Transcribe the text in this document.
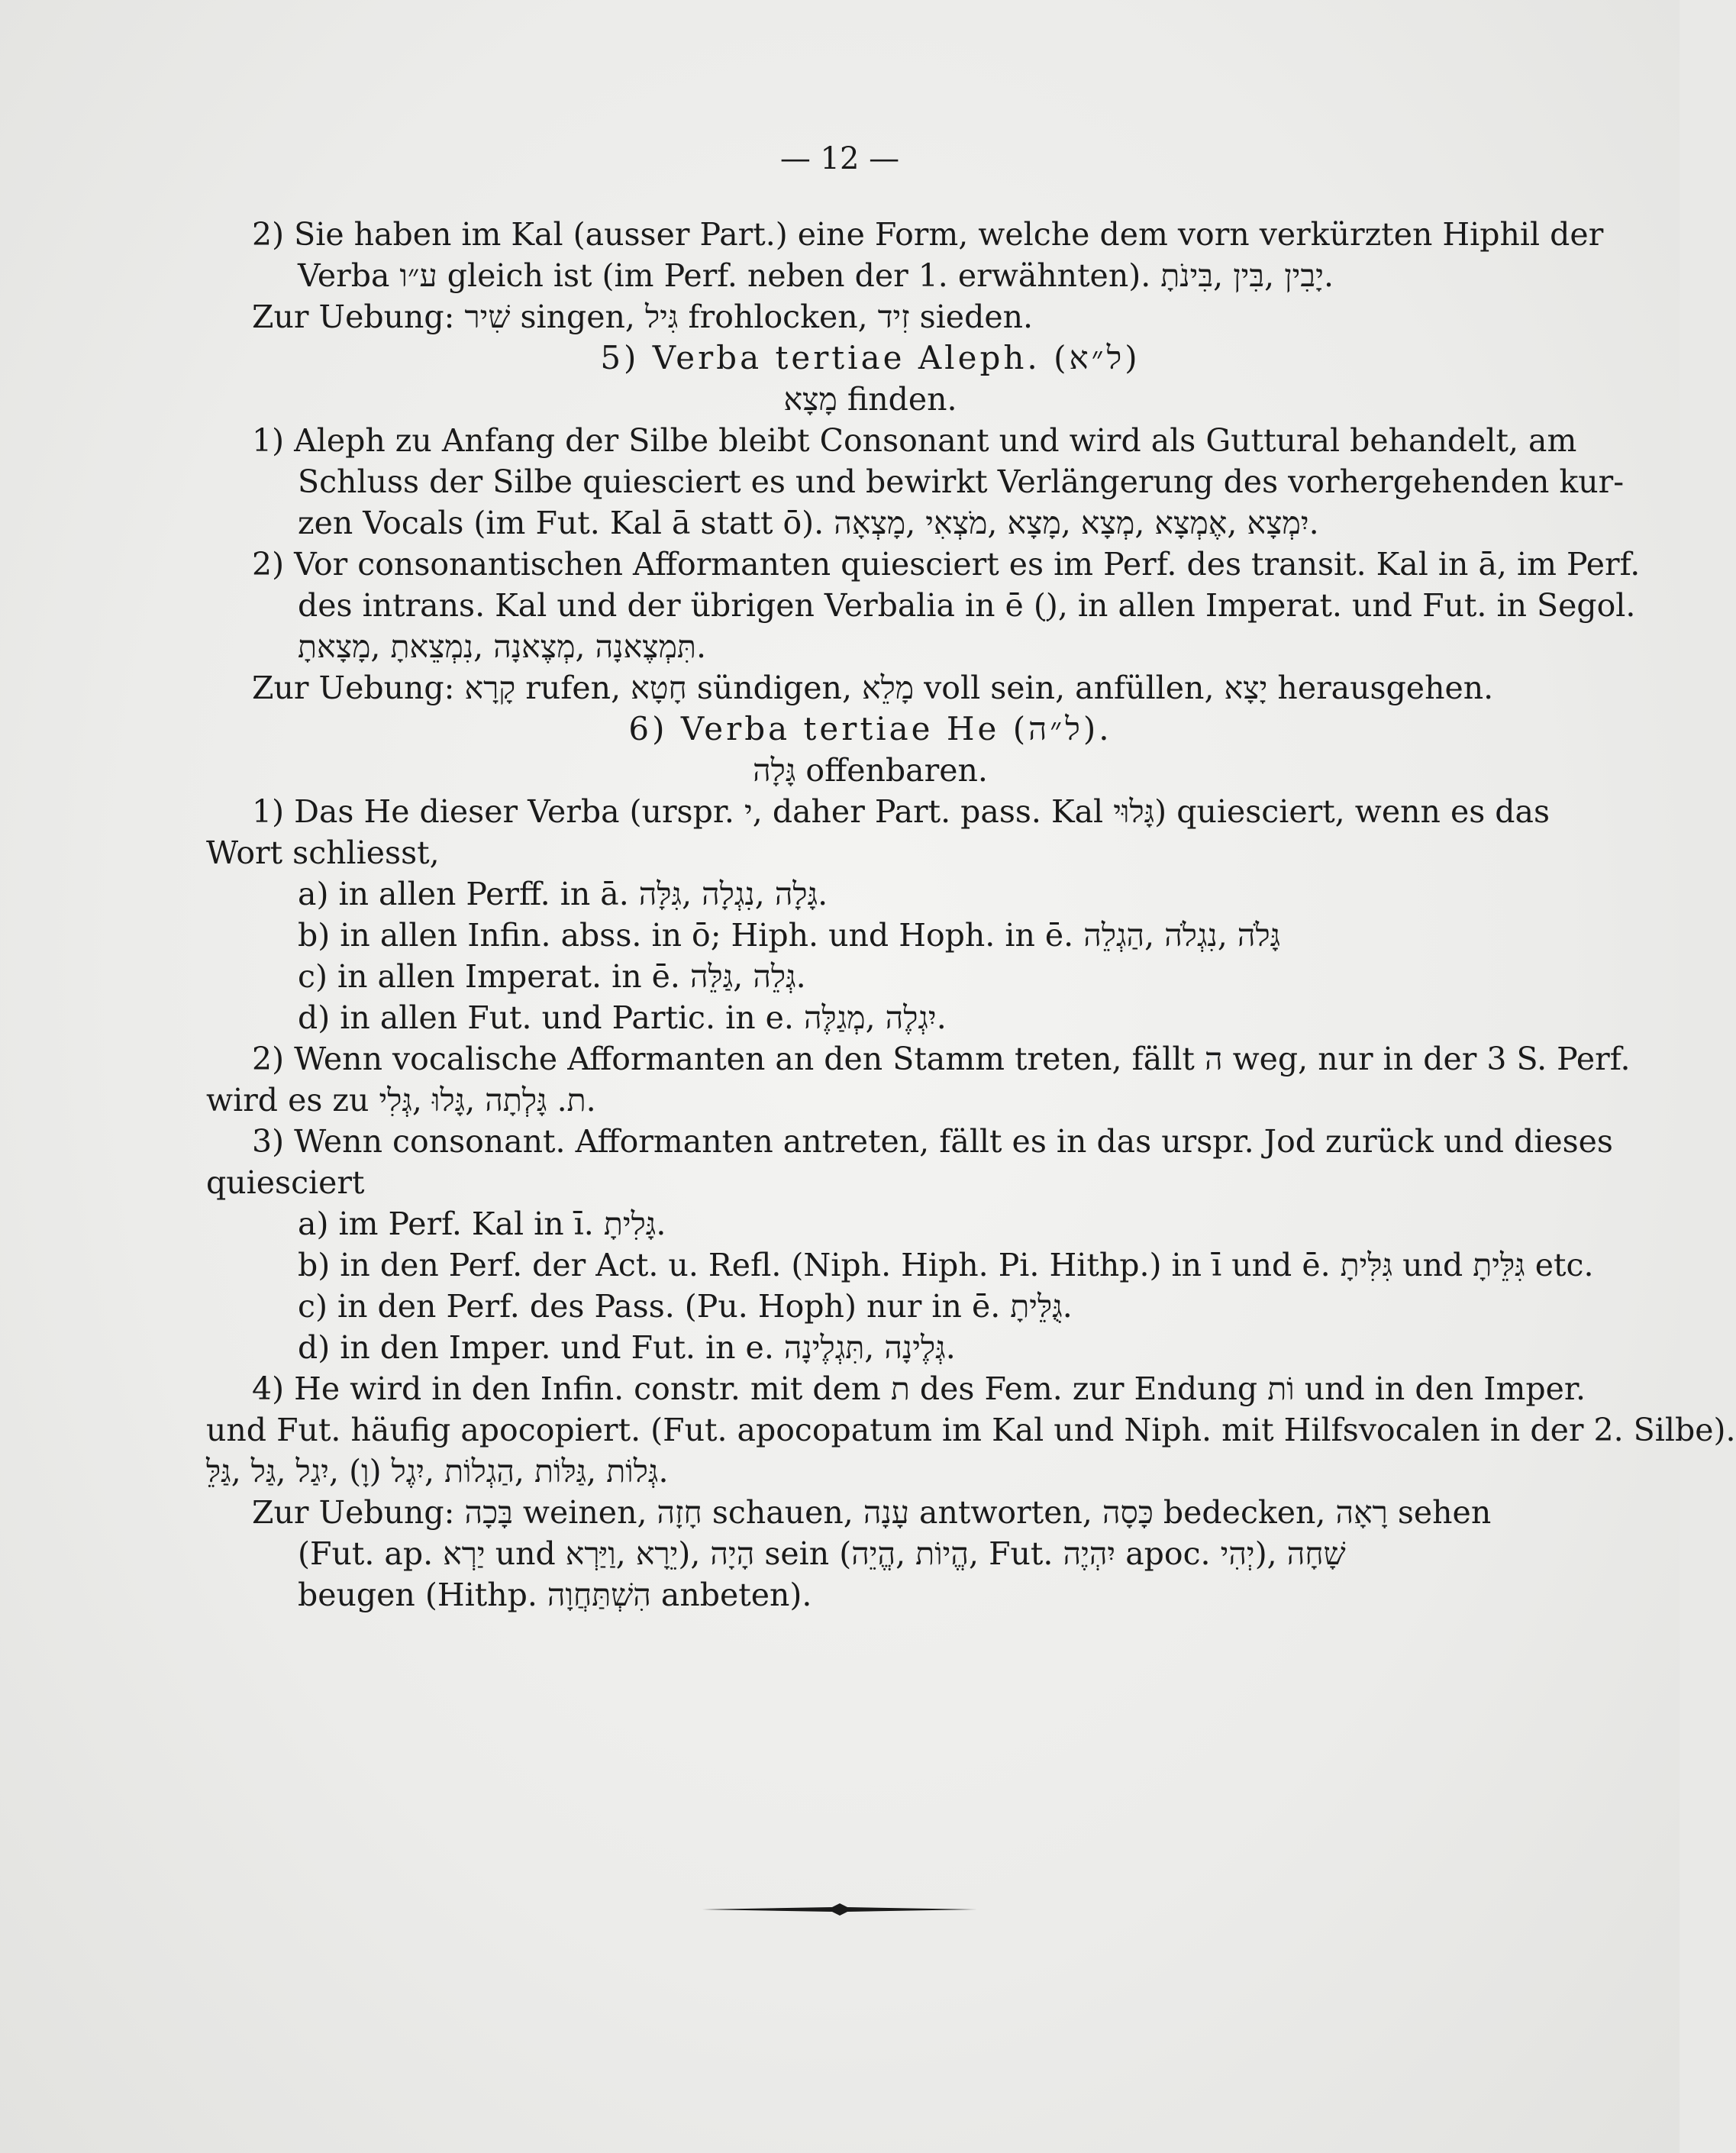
— 12 —
2) Sie haben im Kal (ausser Part.) eine Form, welche dem vorn verkürzten Hiphil der
Verba ע״ו gleich ist (im Perf. neben der 1. erwähnten). יָבִין ,בִּין ,בִּינֹתָ.
Zur Uebung: שִׁיר singen, גִּיל frohlocken, זִיד sieden.
5) Verba tertiae Aleph. (ל״א)
מָצָא finden.
1) Aleph zu Anfang der Silbe bleibt Consonant und wird als Guttural behandelt, am
Schluss der Silbe quiesciert es und bewirkt Verlängerung des vorhergehenden kur-
zen Vocals (im Fut. Kal ā statt ō). יִמְצָא ,אֶמְצָא ,מְצָא ,מָצָא ,מֹצְאִי ,מָצְאָה.
2) Vor consonantischen Afformanten quiesciert es im Perf. des transit. Kal in ā, im Perf.
des intrans. Kal und der übrigen Verbalia in ē (ֵ), in allen Imperat. und Fut. in Segol.
תִּמְצֶאנָה ,מְצֶאנָה ,נִמְצֵאתָ ,מָצָאתָ.
Zur Uebung: קָרָא rufen, חָטָא sündigen, מָלֵא voll sein, anfüllen, יָצָא herausgehen.
6) Verba tertiae He (ל״ה).
גָּלָה offenbaren.
1) Das He dieser Verba (urspr. י, daher Part. pass. Kal גָּלוּי) quiesciert, wenn es das
Wort schliesst,
a) in allen Perff. in ā. גָּלָה ,נִגְלָה ,גִּלָּה.
b) in allen Infin. abss. in ō; Hiph. und Hoph. in ē. גָּלֹה ,נִגְלֹה ,הַגְלֵה
c) in allen Imperat. in ē. גְּלֵה ,גַּלֵּה.
d) in allen Fut. und Partic. in e. יִגְלֶה ,מְגַלֶּה.
2) Wenn vocalische Afformanten an den Stamm treten, fällt ה weg, nur in der 3 S. Perf.
wird es zu ת. גָּלְתָה ,גָּלוּ ,גְּלִי.
3) Wenn consonant. Afformanten antreten, fällt es in das urspr. Jod zurück und dieses
quiesciert
a) im Perf. Kal in ī. גָּלִיתָ.
b) in den Perf. der Act. u. Refl. (Niph. Hiph. Pi. Hithp.) in ī und ē. גִּלִּיתָ und גִּלֵּיתָ etc.
c) in den Perf. des Pass. (Pu. Hoph) nur in ē. גֻּלֵּיתָ.
d) in den Imper. und Fut. in e. גְּלֶינָה ,תִּגְלֶינָה.
4) He wird in den Infin. constr. mit dem ת des Fem. zur Endung וֹת und in den Imper.
und Fut. häufig apocopiert. (Fut. apocopatum im Kal und Niph. mit Hilfsvocalen in der 2. Silbe).
גְּלוֹת ,גַּלּוֹת ,הַגְלוֹת ,יִגֶל (וָ) ,יִגַל ,גַּל ,גַּלֵּ.
Zur Uebung: בָּכָה weinen, חָזָה schauen, עָנָה antworten, כָּסָה bedecken, רָאָה sehen
(Fut. ap. יַרְא und יֵרָא ,וַיַּרְא), הָיָה sein (הֱיוֹת ,הֱיֵה, Fut. יִהְיֶה apoc. יְהִי), שָׁחָה
beugen (Hithp. הִשְׁתַּחֲוָה anbeten).
